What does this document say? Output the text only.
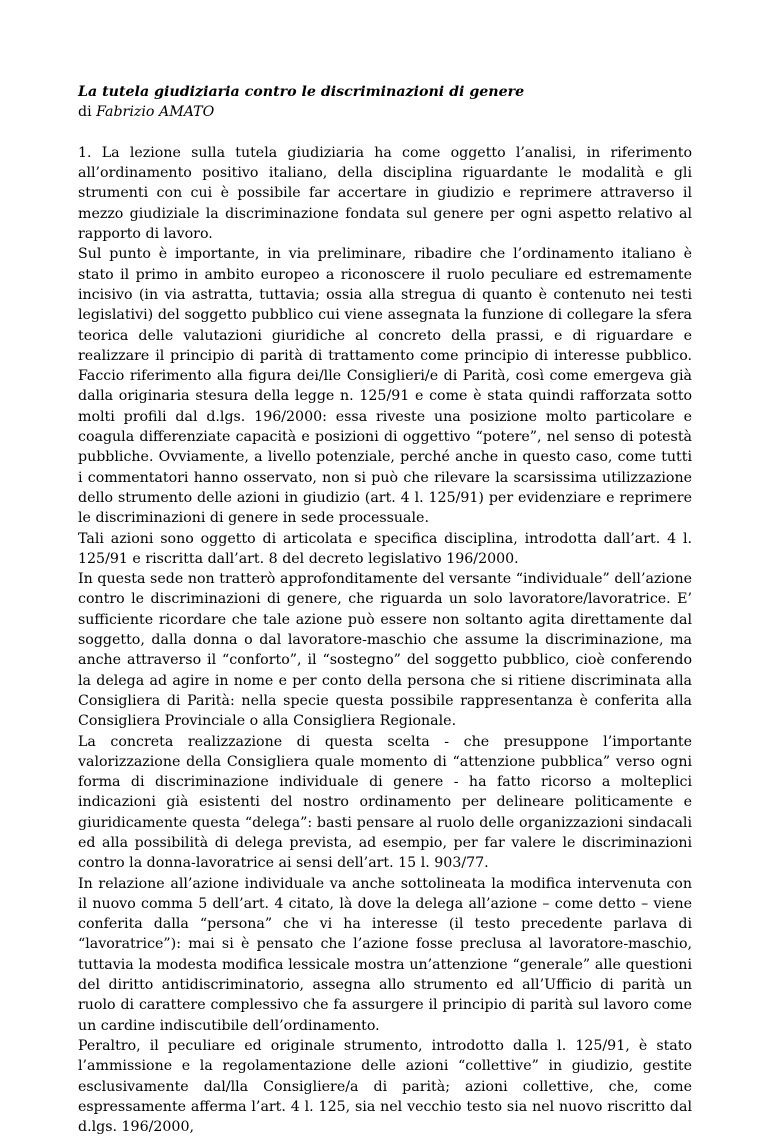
La tutela giudiziaria contro le discriminazioni di genere
di Fabrizio AMATO

1. La lezione sulla tutela giudiziaria ha come oggetto l’analisi, in riferimento all’ordinamento positivo italiano, della disciplina riguardante le modalità e gli strumenti con cui è possibile far accertare in giudizio e reprimere attraverso il mezzo giudiziale la discriminazione fondata sul genere per ogni aspetto relativo al rapporto di lavoro.

Sul punto è importante, in via preliminare, ribadire che l’ordinamento italiano è stato il primo in ambito europeo a riconoscere il ruolo peculiare ed estremamente incisivo (in via astratta, tuttavia; ossia alla stregua di quanto è contenuto nei testi legislativi) del soggetto pubblico cui viene assegnata la funzione di collegare la sfera teorica delle valutazioni giuridiche al concreto della prassi, e di riguardare e realizzare il principio di parità di trattamento come principio di interesse pubblico. Faccio riferimento alla figura dei/lle Consiglieri/e di Parità, così come emergeva già dalla originaria stesura della legge n. 125/91 e come è stata quindi rafforzata sotto molti profili dal d.lgs. 196/2000: essa riveste una posizione molto particolare e coagula differenziate capacità e posizioni di oggettivo “potere”, nel senso di potestà pubbliche. Ovviamente, a livello potenziale, perché anche in questo caso, come tutti i commentatori hanno osservato, non si può che rilevare la scarsissima utilizzazione dello strumento delle azioni in giudizio (art. 4 l. 125/91) per evidenziare e reprimere le discriminazioni di genere in sede processuale.

Tali azioni sono oggetto di articolata e specifica disciplina, introdotta dall’art. 4 l. 125/91 e riscritta dall’art. 8 del decreto legislativo 196/2000.

In questa sede non tratterò approfonditamente del versante “individuale” dell’azione contro le discriminazioni di genere, che riguarda un solo lavoratore/lavoratrice. E’ sufficiente ricordare che tale azione può essere non soltanto agita direttamente dal soggetto, dalla donna o dal lavoratore-maschio che assume la discriminazione, ma anche attraverso il “conforto”, il “sostegno” del soggetto pubblico, cioè conferendo la delega ad agire in nome e per conto della persona che si ritiene discriminata alla Consigliera di Parità: nella specie questa possibile rappresentanza è conferita alla Consigliera Provinciale o alla Consigliera Regionale.

La concreta realizzazione di questa scelta - che presuppone l’importante valorizzazione della Consigliera quale momento di “attenzione pubblica” verso ogni forma di discriminazione individuale di genere - ha fatto ricorso a molteplici indicazioni già esistenti del nostro ordinamento per delineare politicamente e giuridicamente questa “delega”: basti pensare al ruolo delle organizzazioni sindacali ed alla possibilità di delega prevista, ad esempio, per far valere le discriminazioni contro la donna-lavoratrice ai sensi dell’art. 15 l. 903/77.

In relazione all’azione individuale va anche sottolineata la modifica intervenuta con il nuovo comma 5 dell’art. 4 citato, là dove la delega all’azione – come detto – viene conferita dalla “persona” che vi ha interesse (il testo precedente parlava di “lavoratrice”): mai si è pensato che l’azione fosse preclusa al lavoratore-maschio, tuttavia la modesta modifica lessicale mostra un’attenzione “generale” alle questioni del diritto antidiscriminatorio, assegna allo strumento ed all’Ufficio di parità un ruolo di carattere complessivo che fa assurgere il principio di parità sul lavoro come un cardine indiscutibile dell’ordinamento.

Peraltro, il peculiare ed originale strumento, introdotto dalla l. 125/91, è stato l’ammissione e la regolamentazione delle azioni “collettive” in giudizio, gestite esclusivamente dal/lla Consigliere/a di parità; azioni collettive, che, come espressamente afferma l’art. 4 l. 125, sia nel vecchio testo sia nel nuovo riscritto dal d.lgs. 196/2000,
